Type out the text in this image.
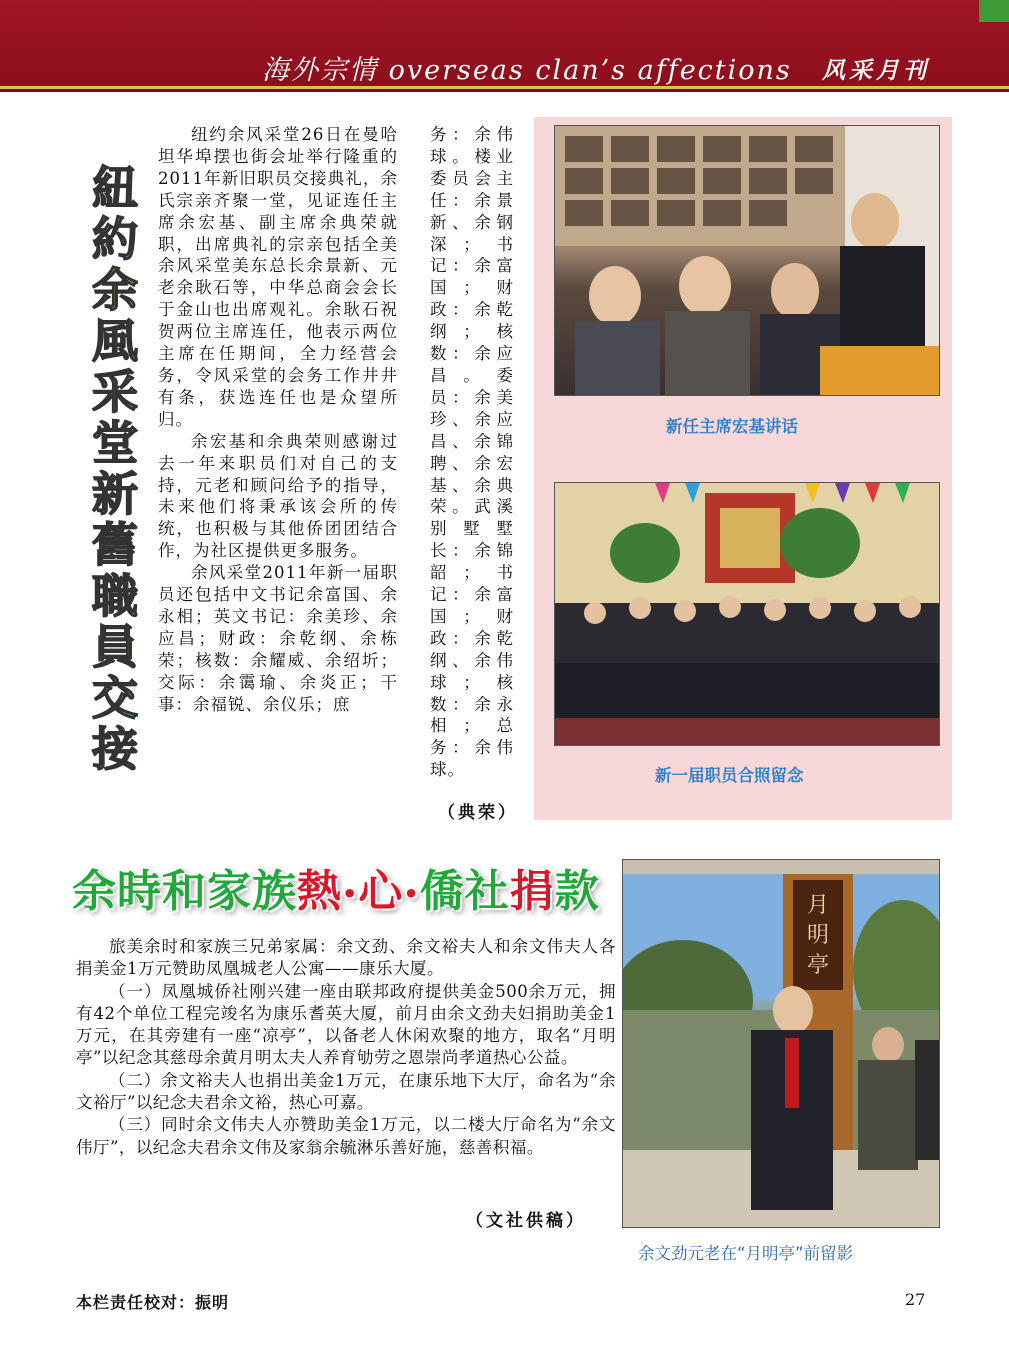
海外宗情 overseas clan’s affections 风采月刊
紐
約
余
風
采
堂
新
舊
職
員
交
接

纽约余风采堂26日在曼哈坦华埠摆也街会址举行隆重的2011年新旧职员交接典礼，余氏宗亲齐聚一堂，见证连任主席余宏基、副主席余典荣就职，出席典礼的宗亲包括全美余风采堂美东总长余景新、元老余耿石等，中华总商会会长于金山也出席观礼。余耿石祝贺两位主席连任，他表示两位主席在任期间，全力经营会务，令风采堂的会务工作井井有条，获选连任也是众望所归。

余宏基和余典荣则感谢过去一年来职员们对自己的支持，元老和顾问给予的指导，未来他们将秉承该会所的传统，也积极与其他侨团团结合作，为社区提供更多服务。

余风采堂2011年新一届职员还包括中文书记余富国、余永相；英文书记：余美珍、余应昌；财政：余乾纲、余栋荣；核数：余耀威、余绍圻；交际：余霭瑜、余炎正；干事：余福锐、余仪乐；庶

务：余伟球。楼业委员会主任：余景新、余钢深；书记：余富国；财政：余乾纲；核数：余应昌。委员：余美珍、余应昌、余锦聘、余宏基、余典荣。武溪别墅墅长：余锦韶；书记：余富国；财政：余乾纲、余伟球；核数：余永相；总务：余伟球。

（典荣）
新任主席宏基讲话
新一届职员合照留念
余時和家族熱•心•僑社捐款

旅美余时和家族三兄弟家属：余文劲、余文裕夫人和余文伟夫人各捐美金1万元赞助凤凰城老人公寓——康乐大厦。

（一）凤凰城侨社刚兴建一座由联邦政府提供美金500余万元，拥有42个单位工程完竣名为康乐耆英大厦，前月由余文劲夫妇捐助美金1万元，在其旁建有一座“凉亭”，以备老人休闲欢聚的地方，取名“月明亭”以纪念其慈母余黄月明太夫人养育劬劳之恩崇尚孝道热心公益。

（二）余文裕夫人也捐出美金1万元，在康乐地下大厅，命名为“余文裕厅”以纪念夫君余文裕，热心可嘉。

（三）同时余文伟夫人亦赞助美金1万元，以二楼大厅命名为“余文伟厅”，以纪念夫君余文伟及家翁余毓淋乐善好施，慈善积福。

（文社供稿）
月
明
亭
余文劲元老在“月明亭”前留影
本栏责任校对：振明	27
